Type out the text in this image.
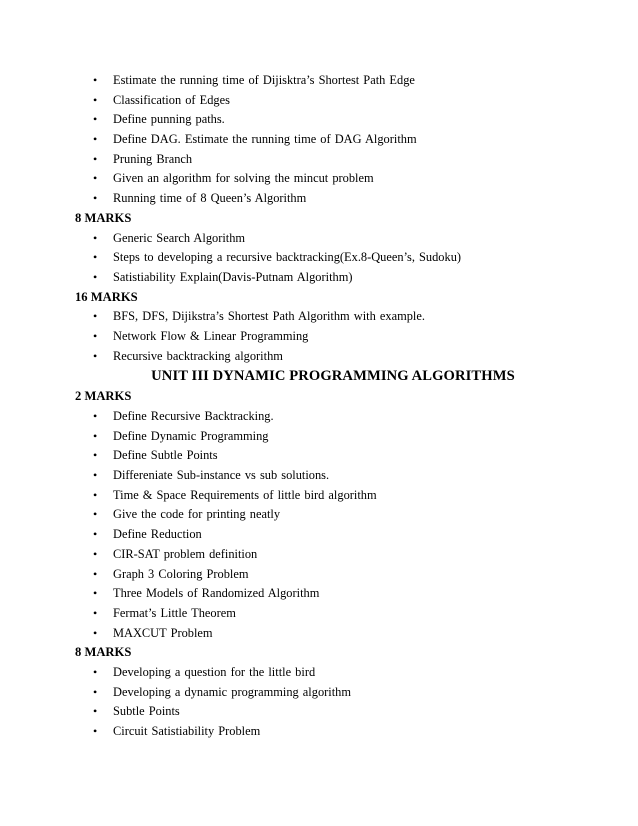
• Estimate the running time of Dijisktra’s Shortest Path Edge
• Classification of Edges
• Define punning paths.
• Define DAG. Estimate the running time of DAG Algorithm
• Pruning Branch
• Given an algorithm for solving the mincut problem
• Running time of 8 Queen’s Algorithm
8 MARKS
• Generic Search Algorithm
• Steps to developing a recursive backtracking(Ex.8-Queen’s, Sudoku)
• Satistiability Explain(Davis-Putnam Algorithm)
16 MARKS
• BFS, DFS, Dijikstra’s Shortest Path Algorithm with example.
• Network Flow & Linear Programming
• Recursive backtracking algorithm
UNIT III DYNAMIC PROGRAMMING ALGORITHMS
2 MARKS
• Define Recursive Backtracking.
• Define Dynamic Programming
• Define Subtle Points
• Differeniate Sub-instance vs sub solutions.
• Time & Space Requirements of little bird algorithm
• Give the code for printing neatly
• Define Reduction
• CIR-SAT problem definition
• Graph 3 Coloring Problem
• Three Models of Randomized Algorithm
• Fermat’s Little Theorem
• MAXCUT Problem
8 MARKS
• Developing a question for the little bird
• Developing a dynamic programming algorithm
• Subtle Points
• Circuit Satistiability Problem
